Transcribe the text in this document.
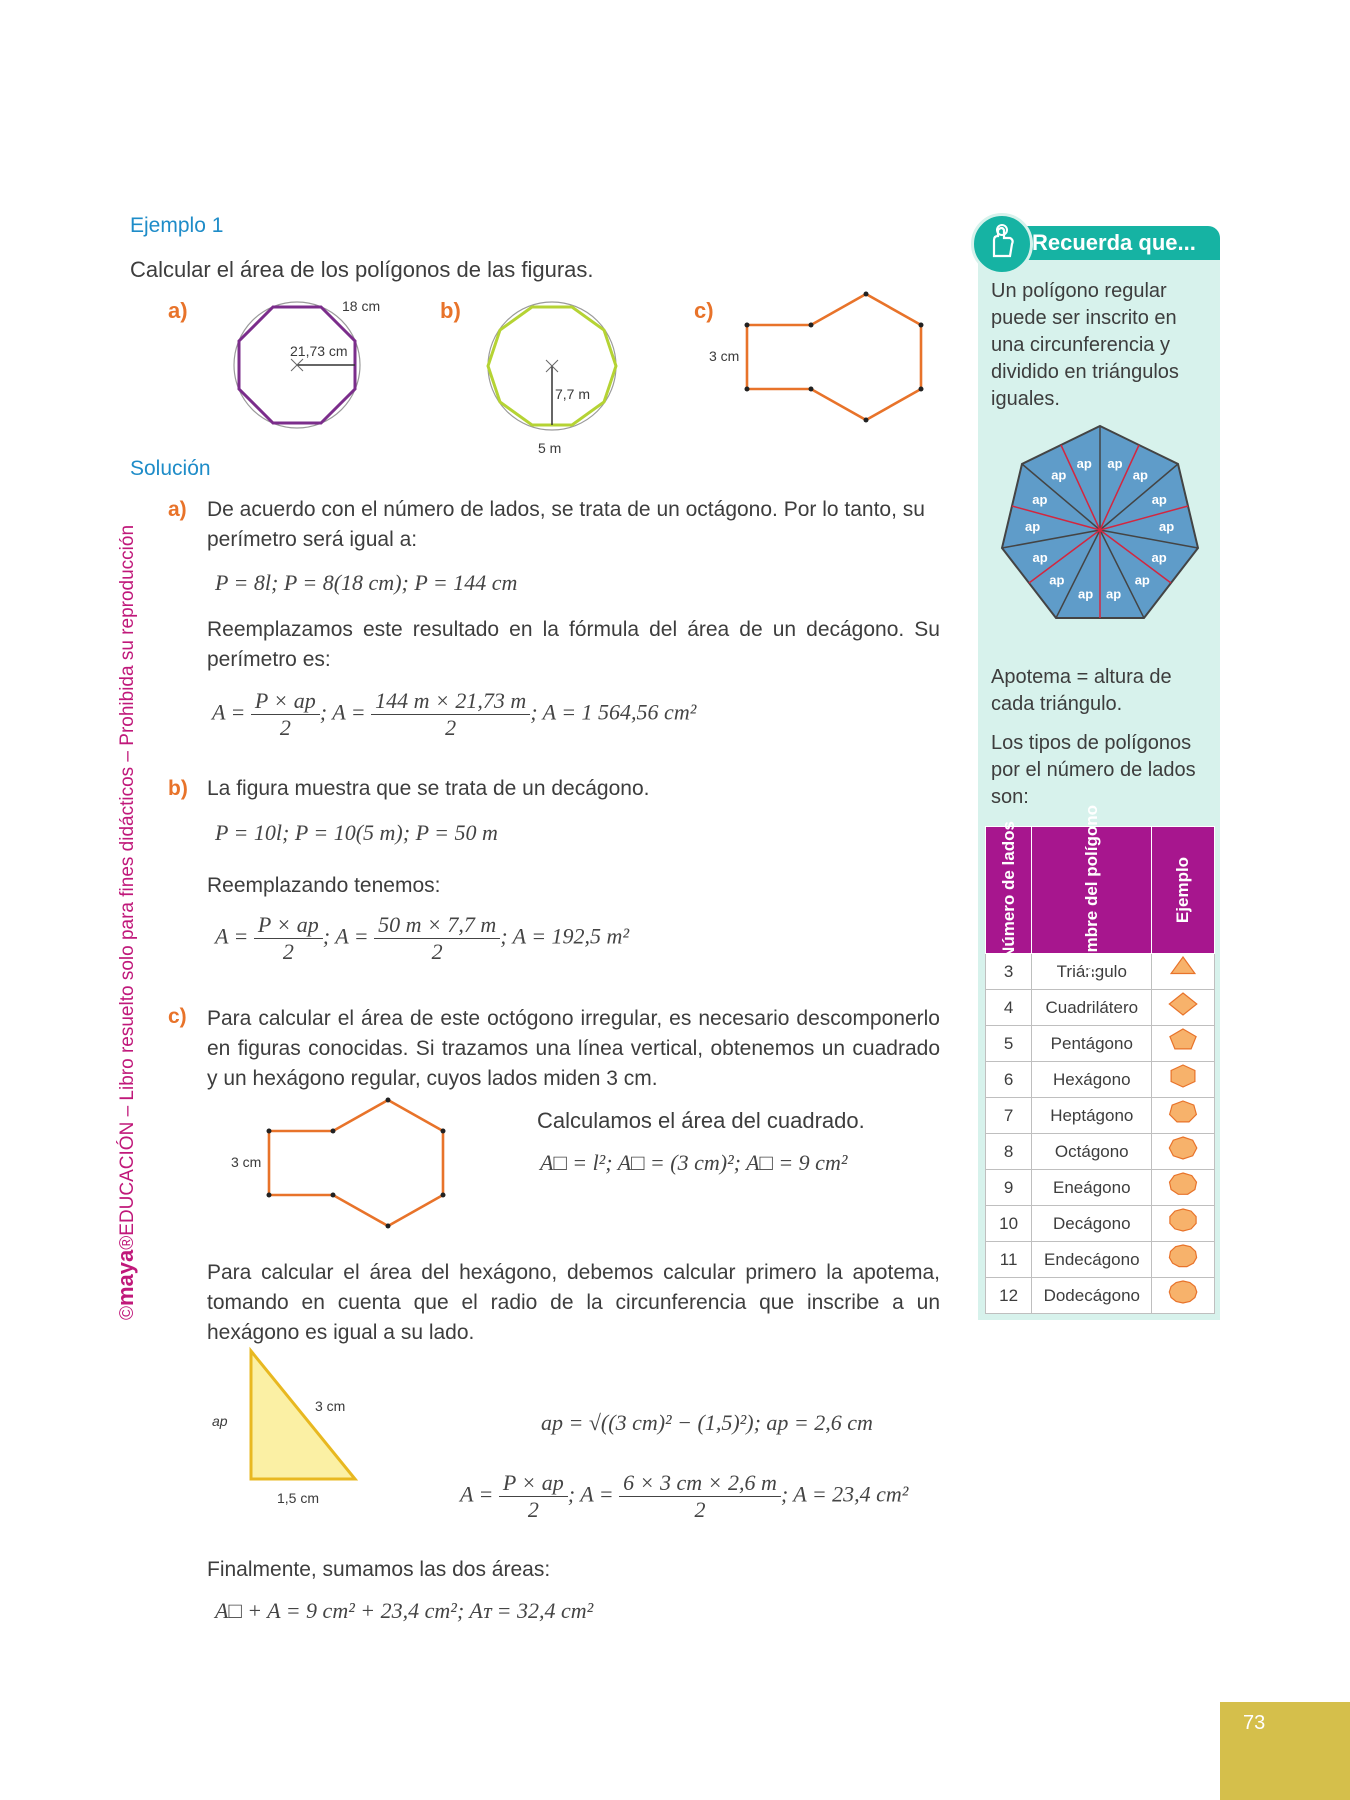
©maya®EDUCACIÓN – Libro resuelto solo para fines didácticos – Prohibida su reproducción
Ejemplo 1
Calcular el área de los polígonos de las figuras.
a)	b)	c)
18 cm
21,73 cm
7,7 m
5 m
3 cm
Solución
a) De acuerdo con el número de lados, se trata de un octágono. Por lo tanto, su perímetro será igual a:
P = 8l; P = 8(18 cm); P = 144 cm
Reemplazamos este resultado en la fórmula del área de un decágono. Su perímetro es:
$A = \frac{P \times ap}{2}$ ; $A = \frac{144 m \times 21,73 m}{2}$ ; A = 1 564,56 cm²
b) La figura muestra que se trata de un decágono.
P = 10l; P = 10(5 m); P = 50 m
Reemplazando tenemos:
$A = \frac{P \times ap}{2}$ ; $A = \frac{50 m \times 7,7 m}{2}$ ; A = 192,5 m²
c) Para calcular el área de este octógono irregular, es necesario descomponerlo en figuras conocidas. Si trazamos una línea vertical, obtenemos un cuadrado y un hexágono regular, cuyos lados miden 3 cm.
3 cm
Calculamos el área del cuadrado.
A□ = l²; A□ = (3 cm)²; A□ = 9 cm²
Para calcular el área del hexágono, debemos calcular primero la apotema, tomando en cuenta que el radio de la circunferencia que inscribe a un hexágono es igual a su lado.
ap
3 cm
1,5 cm
ap = √((3 cm)² − (1,5)²); ap = 2,6 cm
$A = \frac{P \times ap}{2}$ ; $A = \frac{6 \times 3 cm \times 2,6 m}{2}$ ; A = 23,4 cm²
Finalmente, sumamos las dos áreas:
A□ + A = 9 cm² + 23,4 cm²; Aᴛ = 32,4 cm²
Recuerda que...
Un polígono regular puede ser inscrito en una circunferencia y dividido en triángulos iguales.
ap
ap
ap
ap
ap
ap
ap ap
ap
ap
ap
ap
ap
ap
Apotema = altura de cada triángulo.
Los tipos de polígonos por el número de lados son:
Número de lados	Nombre del polígono	Ejemplo

3	Triángulo	
4	Cuadrilátero	
5	Pentágono	
6	Hexágono	
7	Heptágono	
8	Octágono	
9	Eneágono	
10	Decágono	
11	Endecágono	
12	Dodecágono	
73
